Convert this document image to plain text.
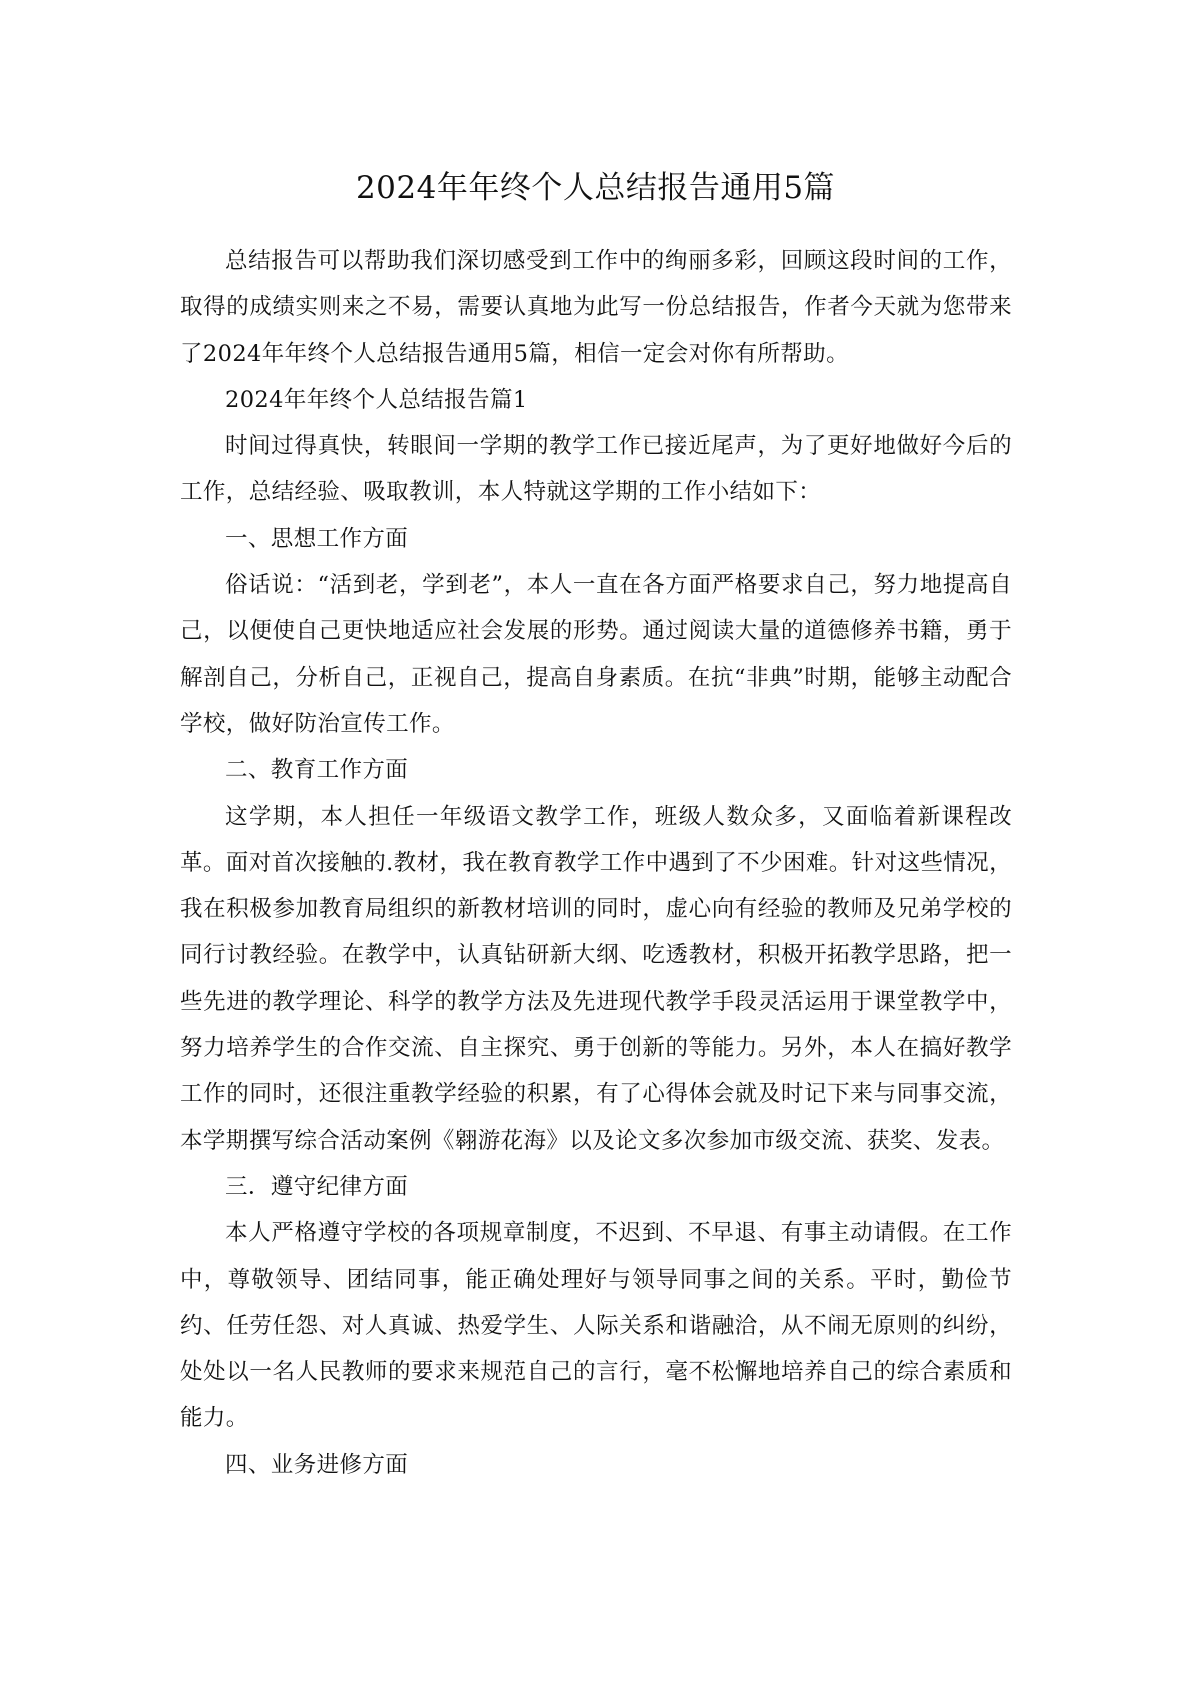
2024年年终个人总结报告通用5篇

总结报告可以帮助我们深切感受到工作中的绚丽多彩，回顾这段时间的工作，取得的成绩实则来之不易，需要认真地为此写一份总结报告，作者今天就为您带来了2024年年终个人总结报告通用5篇，相信一定会对你有所帮助。

2024年年终个人总结报告篇1

时间过得真快，转眼间一学期的教学工作已接近尾声，为了更好地做好今后的工作，总结经验、吸取教训，本人特就这学期的工作小结如下：

一、思想工作方面

俗话说：“活到老，学到老”，本人一直在各方面严格要求自己，努力地提高自己，以便使自己更快地适应社会发展的形势。通过阅读大量的道德修养书籍，勇于解剖自己，分析自己，正视自己，提高自身素质。在抗“非典”时期，能够主动配合学校，做好防治宣传工作。

二、教育工作方面

这学期，本人担任一年级语文教学工作，班级人数众多，又面临着新课程改革。面对首次接触的.教材，我在教育教学工作中遇到了不少困难。针对这些情况，我在积极参加教育局组织的新教材培训的同时，虚心向有经验的教师及兄弟学校的同行讨教经验。在教学中，认真钻研新大纲、吃透教材，积极开拓教学思路，把一些先进的教学理论、科学的教学方法及先进现代教学手段灵活运用于课堂教学中，努力培养学生的合作交流、自主探究、勇于创新的等能力。另外，本人在搞好教学工作的同时，还很注重教学经验的积累，有了心得体会就及时记下来与同事交流，本学期撰写综合活动案例《翱游花海》以及论文多次参加市级交流、获奖、发表。

三．遵守纪律方面

本人严格遵守学校的各项规章制度，不迟到、不早退、有事主动请假。在工作中，尊敬领导、团结同事，能正确处理好与领导同事之间的关系。平时，勤俭节约、任劳任怨、对人真诚、热爱学生、人际关系和谐融洽，从不闹无原则的纠纷，处处以一名人民教师的要求来规范自己的言行，毫不松懈地培养自己的综合素质和能力。

四、业务进修方面
